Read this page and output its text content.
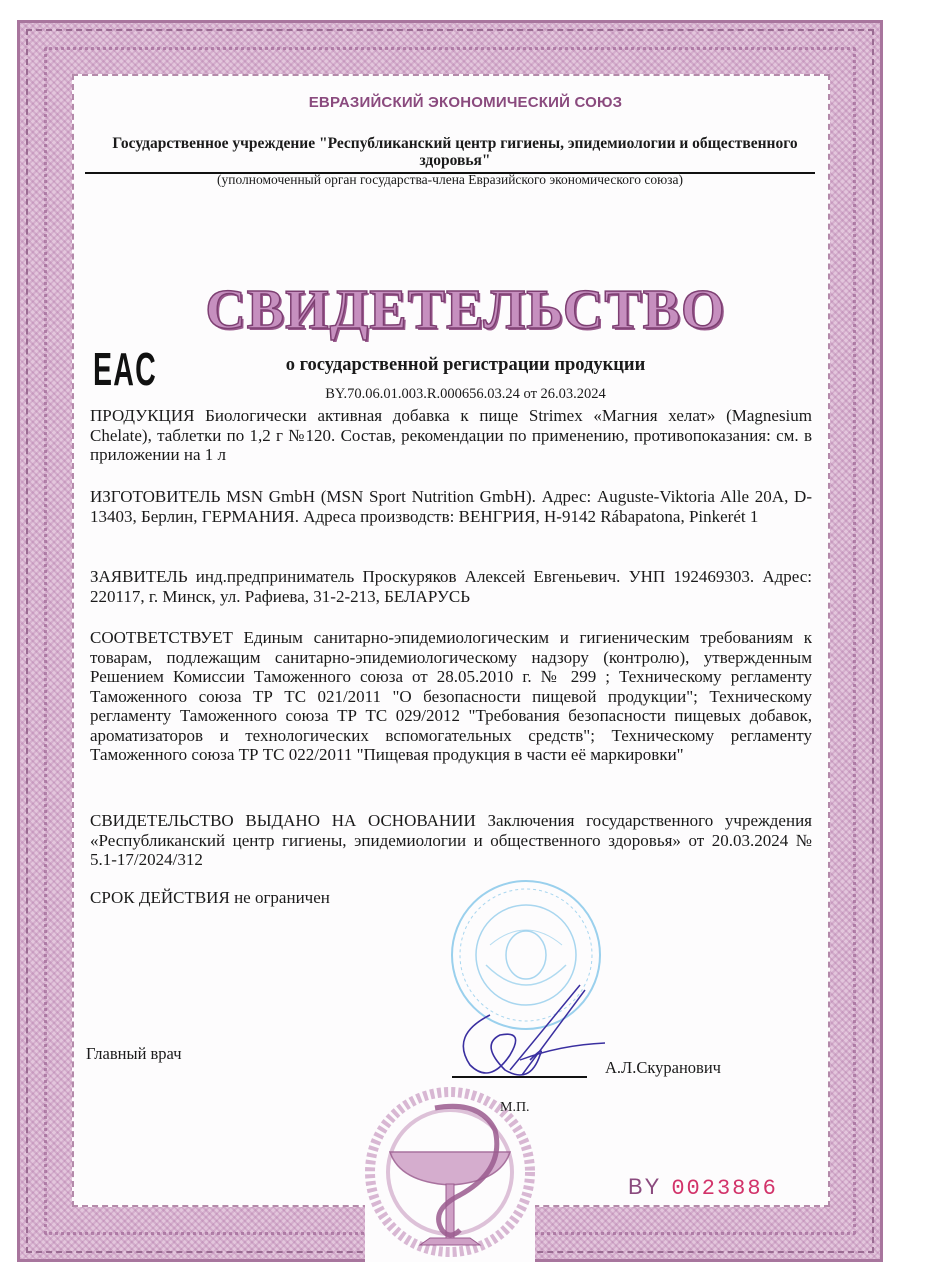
ЕВРАЗИЙСКИЙ ЭКОНОМИЧЕСКИЙ СОЮЗ
Государственное учреждение "Республиканский центр гигиены, эпидемиологии и общественного здоровья"
(уполномоченный орган государства-члена Евразийского экономического союза)
СВИДЕТЕЛЬСТВО
EAC	о государственной регистрации продукции
BY.70.06.01.003.R.000656.03.24 от 26.03.2024
ПРОДУКЦИЯ Биологически активная добавка к пище Strimex «Магния хелат» (Magnesium Chelate), таблетки по 1,2 г №120. Состав, рекомендации по применению, противопоказания: см. в приложении на 1 л
ИЗГОТОВИТЕЛЬ MSN GmbH (MSN Sport Nutrition GmbH). Адрес: Auguste-Viktoria Alle 20A, D-13403, Берлин, ГЕРМАНИЯ. Адреса производств: ВЕНГРИЯ, H-9142 Rábapatona, Pinkerét 1
ЗАЯВИТЕЛЬ инд.предприниматель Проскуряков Алексей Евгеньевич. УНП 192469303. Адрес: 220117, г. Минск, ул. Рафиева, 31-2-213, БЕЛАРУСЬ
СООТВЕТСТВУЕТ Единым санитарно-эпидемиологическим и гигиеническим требованиям к товарам, подлежащим санитарно-эпидемиологическому надзору (контролю), утвержденным Решением Комиссии Таможенного союза от 28.05.2010 г. № 299 ; Техническому регламенту Таможенного союза ТР ТС 021/2011 "О безопасности пищевой продукции"; Техническому регламенту Таможенного союза ТР ТС 029/2012 "Требования безопасности пищевых добавок, ароматизаторов и технологических вспомогательных средств"; Техническому регламенту Таможенного союза ТР ТС 022/2011 "Пищевая продукция в части её маркировки"
СВИДЕТЕЛЬСТВО ВЫДАНО НА ОСНОВАНИИ Заключения государственного учреждения «Республиканский центр гигиены, эпидемиологии и общественного здоровья» от 20.03.2024 № 5.1-17/2024/312
СРОК ДЕЙСТВИЯ не ограничен
Главный врач
А.Л.Скуранович
М.П.
BY 0023886
